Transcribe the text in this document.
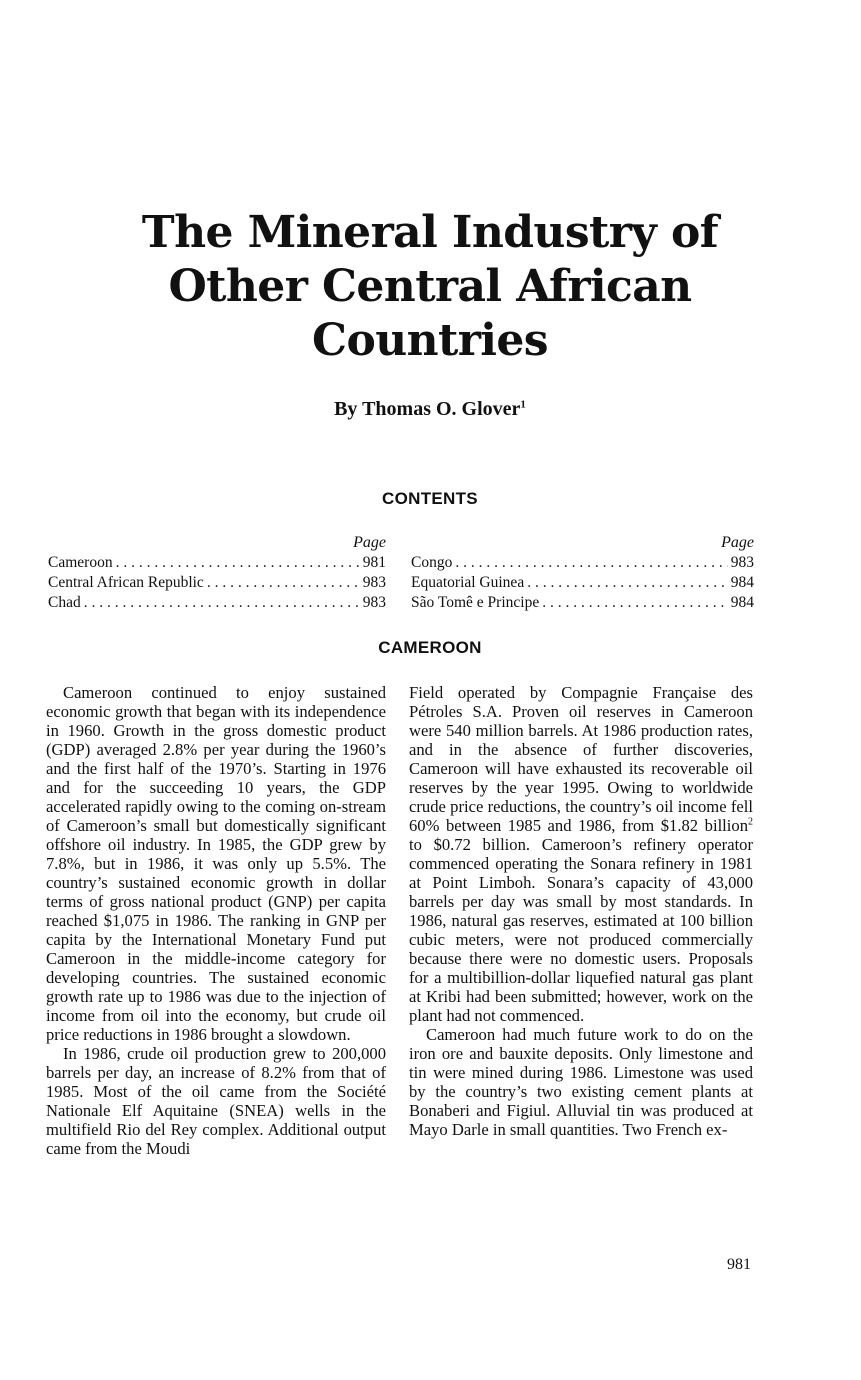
The Mineral Industry of
Other Central African
Countries
By Thomas O. Glover$^1$
CONTENTS
Page
Cameroon . . .	981
Central African Republic . . .	983
Chad . . .	983
Page
Congo . . .	983
Equatorial Guinea . . .	984
São Tomê e Principe . . .	984
CAMEROON

Cameroon continued to enjoy sustained economic growth that began with its independence in 1960. Growth in the gross domestic product (GDP) averaged 2.8% per year during the 1960’s and the first half of the 1970’s. Starting in 1976 and for the succeeding 10 years, the GDP accelerated rapidly owing to the coming on-stream of Cameroon’s small but domestically significant offshore oil industry. In 1985, the GDP grew by 7.8%, but in 1986, it was only up 5.5%. The country’s sustained economic growth in dollar terms of gross national product (GNP) per capita reached $1,075 in 1986. The ranking in GNP per capita by the International Monetary Fund put Cameroon in the middle-income category for developing countries. The sustained economic growth rate up to 1986 was due to the injection of income from oil into the economy, but crude oil price reductions in 1986 brought a slowdown.

In 1986, crude oil production grew to 200,000 barrels per day, an increase of 8.2% from that of 1985. Most of the oil came from the Société Nationale Elf Aquitaine (SNEA) wells in the multifield Rio del Rey complex. Additional output came from the Moudi

Field operated by Compagnie Française des Pétroles S.A. Proven oil reserves in Cameroon were 540 million barrels. At 1986 production rates, and in the absence of further discoveries, Cameroon will have exhausted its recoverable oil reserves by the year 1995. Owing to worldwide crude price reductions, the country’s oil income fell 60% between 1985 and 1986, from $1.82 billion$^2$ to $0.72 billion. Cameroon’s refinery operator commenced operating the Sonara refinery in 1981 at Point Limboh. Sonara’s capacity of 43,000 barrels per day was small by most standards. In 1986, natural gas reserves, estimated at 100 billion cubic meters, were not produced commercially because there were no domestic users. Proposals for a multibillion-dollar liquefied natural gas plant at Kribi had been submitted; however, work on the plant had not commenced.

Cameroon had much future work to do on the iron ore and bauxite deposits. Only limestone and tin were mined during 1986. Limestone was used by the country’s two existing cement plants at Bonaberi and Figiul. Alluvial tin was produced at Mayo Darle in small quantities. Two French ex-

981
